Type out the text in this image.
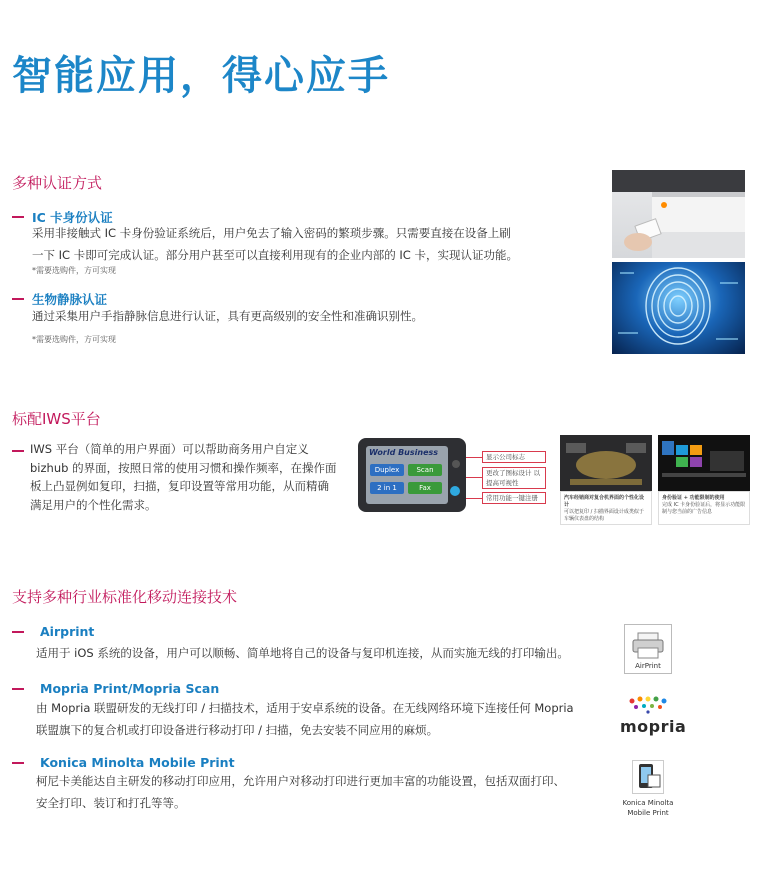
智能应用，得心应手
多种认证方式
IC 卡身份认证
采用非接触式 IC 卡身份验证系统后，用户免去了输入密码的繁琐步骤。只需要直接在设备上刷
一下 IC 卡即可完成认证。部分用户甚至可以直接利用现有的企业内部的 IC 卡，实现认证功能。
*需要选购件，方可实现
生物静脉认证
通过采集用户手指静脉信息进行认证，具有更高级别的安全性和准确识别性。
*需要选购件，方可实现
标配IWS平台
IWS 平台（简单的用户界面）可以帮助商务用户自定义
bizhub 的界面，按照日常的使用习惯和操作频率，在操作面
板上凸显例如复印，扫描，复印设置等常用功能，从而精确
满足用户的个性化需求。
World Business
Duplex	Scan
2 in 1	Fax
显示公司标志
更改了图标设计 以提高可视性
常用功能一键注册	汽车经销商对复合机界面的个性化设计
可以把复印 / 扫描界面设计成类似于车辆仪表盘的结构
身份验证 + 功能限制的使用
完成 IC 卡身份验证后，将显示功能限制与您当前的广告信息
支持多种行业标准化移动连接技术
Airprint
适用于 iOS 系统的设备，用户可以顺畅、简单地将自己的设备与复印机连接，从而实施无线的打印输出。
Mopria Print/Mopria Scan
由 Mopria 联盟研发的无线打印 / 扫描技术，适用于安卓系统的设备。在无线网络环境下连接任何 Mopria
联盟旗下的复合机或打印设备进行移动打印 / 扫描，免去安装不同应用的麻烦。
Konica Minolta Mobile Print
柯尼卡美能达自主研发的移动打印应用，允许用户对移动打印进行更加丰富的功能设置，包括双面打印、
安全打印、装订和打孔等等。
AirPrint
mopria
Konica Minolta
Mobile Print
